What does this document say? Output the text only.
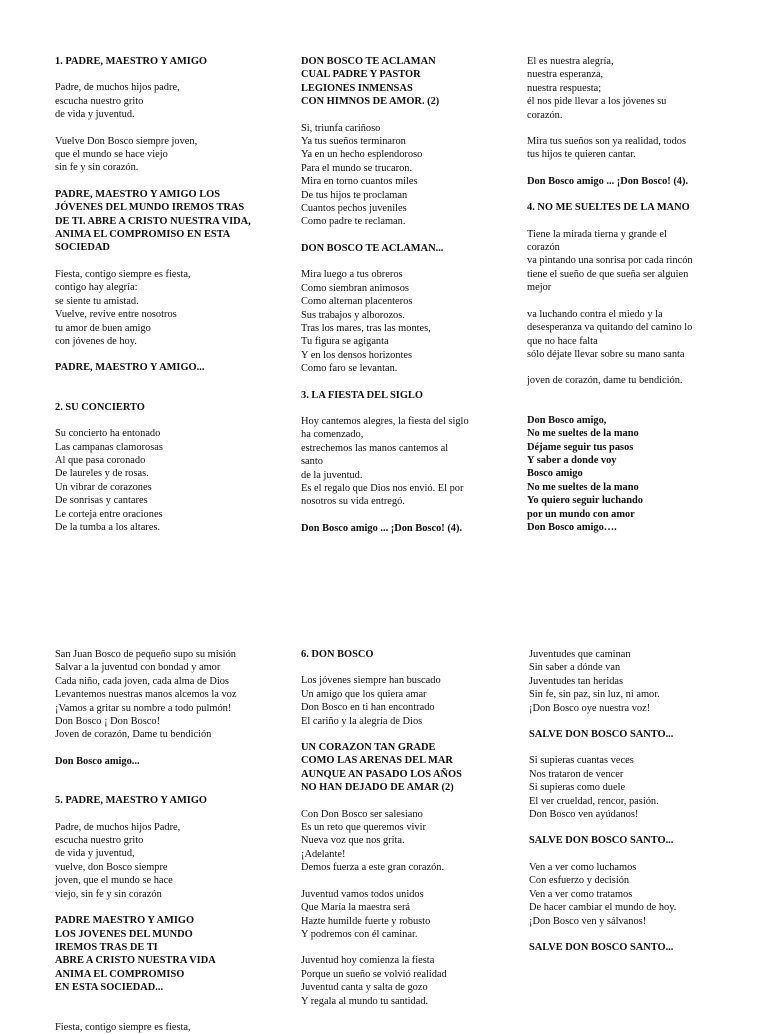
1. PADRE, MAESTRO Y AMIGO

Padre, de muchos hijos padre,
escucha nuestro grito
de vida y juventud.

Vuelve Don Bosco siempre joven,
que el mundo se hace viejo
sin fe y sin corazón.

PADRE, MAESTRO Y AMIGO LOS
JÓVENES DEL MUNDO IREMOS TRAS
DE TI. ABRE A CRISTO NUESTRA VIDA,
ANIMA EL COMPROMISO EN ESTA
SOCIEDAD

Fiesta, contigo siempre es fiesta,
contigo hay alegría:
se siente tu amistad.
Vuelve, revive entre nosotros
tu amor de buen amigo
con jóvenes de hoy.

PADRE, MAESTRO Y AMIGO...

2. SU CONCIERTO

Su concierto ha entonado
Las campanas clamorosas
Al que pasa coronado
De laureles y de rosas.
Un vibrar de corazones
De sonrisas y cantares
Le corteja entre oraciones
De la tumba a los altares.

DON BOSCO TE ACLAMAN
CUAL PADRE Y PASTOR
LEGIONES INMENSAS
CON HIMNOS DE AMOR. (2)

Si, triunfa cariñoso
Ya tus sueños terminaron
Ya en un hecho esplendoroso
Para el mundo se trucaron.
Mira en torno cuantos miles
De tus hijos te proclaman
Cuantos pechos juveniles
Como padre te reclaman.

DON BOSCO TE ACLAMAN...

Mira luego a tus obreros
Como siembran animosos
Como alternan placenteros
Sus trabajos y alborozos.
Tras los mares, tras las montes,
Tu figura se agiganta
Y en los densos horizontes
Como faro se levantan.

3. LA FIESTA DEL SIGLO

Hoy cantemos alegres, la fiesta del siglo
ha comenzado,
estrechemos las manos cantemos al
santo
de la juventud.
Es el regalo que Dios nos envió. El por
nosotros su vida entregó.

Don Bosco amigo ... ¡Don Bosco! (4).

El es nuestra alegría,
nuestra esperanza,
nuestra respuesta;
él nos pide llevar a los jóvenes su
corazón.

Mira tus sueños son ya realidad, todos
tus hijos te quieren cantar.

Don Bosco amigo ... ¡Don Bosco! (4).

4. NO ME SUELTES DE LA MANO

Tiene la mirada tierna y grande el
corazón
va pintando una sonrisa por cada rincón
tiene el sueño de que sueña ser alguien
mejor

va luchando contra el miedo y la
desesperanza va quitando del camino lo
que no hace falta
sólo déjate llevar sobre su mano santa

joven de corazón, dame tu bendición.

Don Bosco amigo,
No me sueltes de la mano
Déjame seguir tus pasos
Y saber a donde voy
Bosco amigo
No me sueltes de la mano
Yo quiero seguir luchando
por un mundo con amor
Don Bosco amigo….

San Juan Bosco de pequeño supo su misión
Salvar a la juventud con bondad y amor
Cada niño, cada joven, cada alma de Dios
Levantemos nuestras manos alcemos la voz
¡Vamos a gritar su nombre a todo pulmón!
Don Bosco ¡ Don Bosco!
Joven de corazón, Dame tu bendición

Don Bosco amigo...

5. PADRE, MAESTRO Y AMIGO

Padre, de muchos hijos Padre,
escucha nuestro grito
de vida y juventud,
vuelve, don Bosco siempre
joven, que el mundo se hace
viejo, sin fe y sin corazón

PADRE MAESTRO Y AMIGO
LOS JOVENES DEL MUNDO
IREMOS TRAS DE TI
ABRE A CRISTO NUESTRA VIDA
ANIMA EL COMPROMISO
EN ESTA SOCIEDAD...

Fiesta, contigo siempre es fiesta,

6. DON BOSCO

Los jóvenes siempre han buscado
Un amigo que los quiera amar
Don Bosco en ti han encontrado
El cariño y la alegría de Dios

UN CORAZON TAN GRADE
COMO LAS ARENAS DEL MAR
AUNQUE AN PASADO LOS AÑOS
NO HAN DEJADO DE AMAR (2)

Con Don Bosco ser salesiano
Es un reto que queremos vivir
Nueva voz que nos grita.
¡Adelante!
Demos fuerza a este gran corazón.

Juventud vamos todos unidos
Que María la maestra será
Hazte humilde fuerte y robusto
Y podremos con él caminar.

Juventud hoy comienza la fiesta
Porque un sueño se volvió realidad
Juventud canta y salta de gozo
Y regala al mundo tu santidad.

Juventudes que caminan
Sin saber a dónde van
Juventudes tan heridas
Sin fe, sin paz, sin luz, ni amor.
¡Don Bosco oye nuestra voz!

SALVE DON BOSCO SANTO...

Si supieras cuantas veces
Nos trataron de vencer
Si supieras como duele
El ver crueldad, rencor, pasión.
Don Bosco ven ayúdanos!

SALVE DON BOSCO SANTO...

Ven a ver como luchamos
Con esfuerzo y decisión
Ven a ver como tratamos
De hacer cambiar el mundo de hoy.
¡Don Bosco ven y sálvanos!

SALVE DON BOSCO SANTO...
